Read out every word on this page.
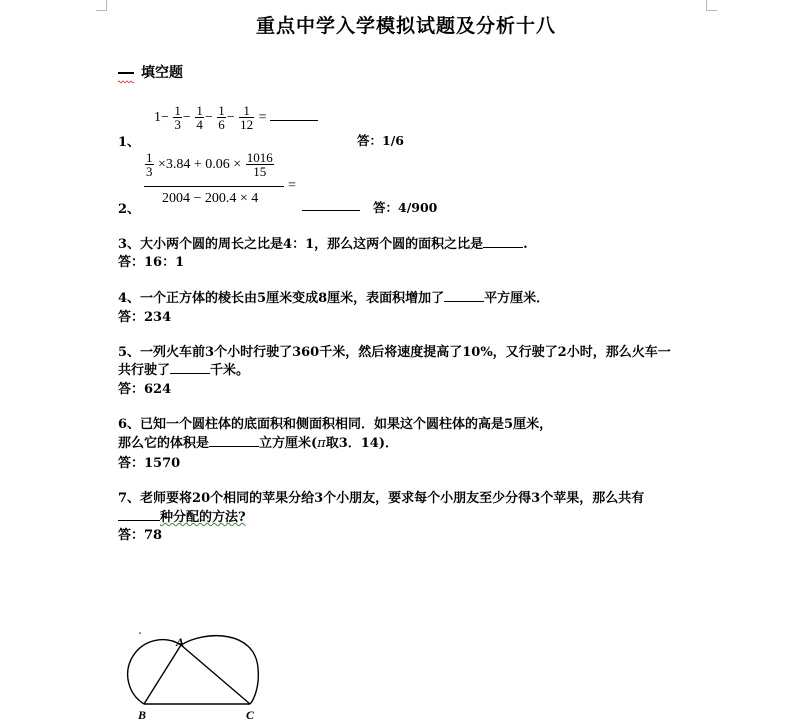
重点中学入学模拟试题及分析十八
填空题
$1- \frac{1}{3} - \frac{1}{4} - \frac{1}{6} - \frac{1}{12}$ =
1、	答：1/6
$\frac{1}{3} \times 3.84 + 0.06 \times \frac{1016}{15}$
2004 − 200.4 × 4
=
2、	答：4/900
3、大小两个圆的周长之比是4：1，那么这两个圆的面积之比是	.
答：16：1
4、一个正方体的棱长由5厘米变成8厘米，表面积增加了	平方厘米．
答：234
5、一列火车前3个小时行驶了360千米，然后将速度提高了10%，又行驶了2小时，那么火车一
共行驶了	千米。
答：624
6、已知一个圆柱体的底面积和侧面积相同．如果这个圆柱体的高是5厘米，
那么它的体积是	立方厘米(π取3．14)．
答：1570
7、老师要将20个相同的苹果分给3个小朋友，要求每个小朋友至少分得3个苹果，那么共有
种分配的方法?
答：78
A
B	C
